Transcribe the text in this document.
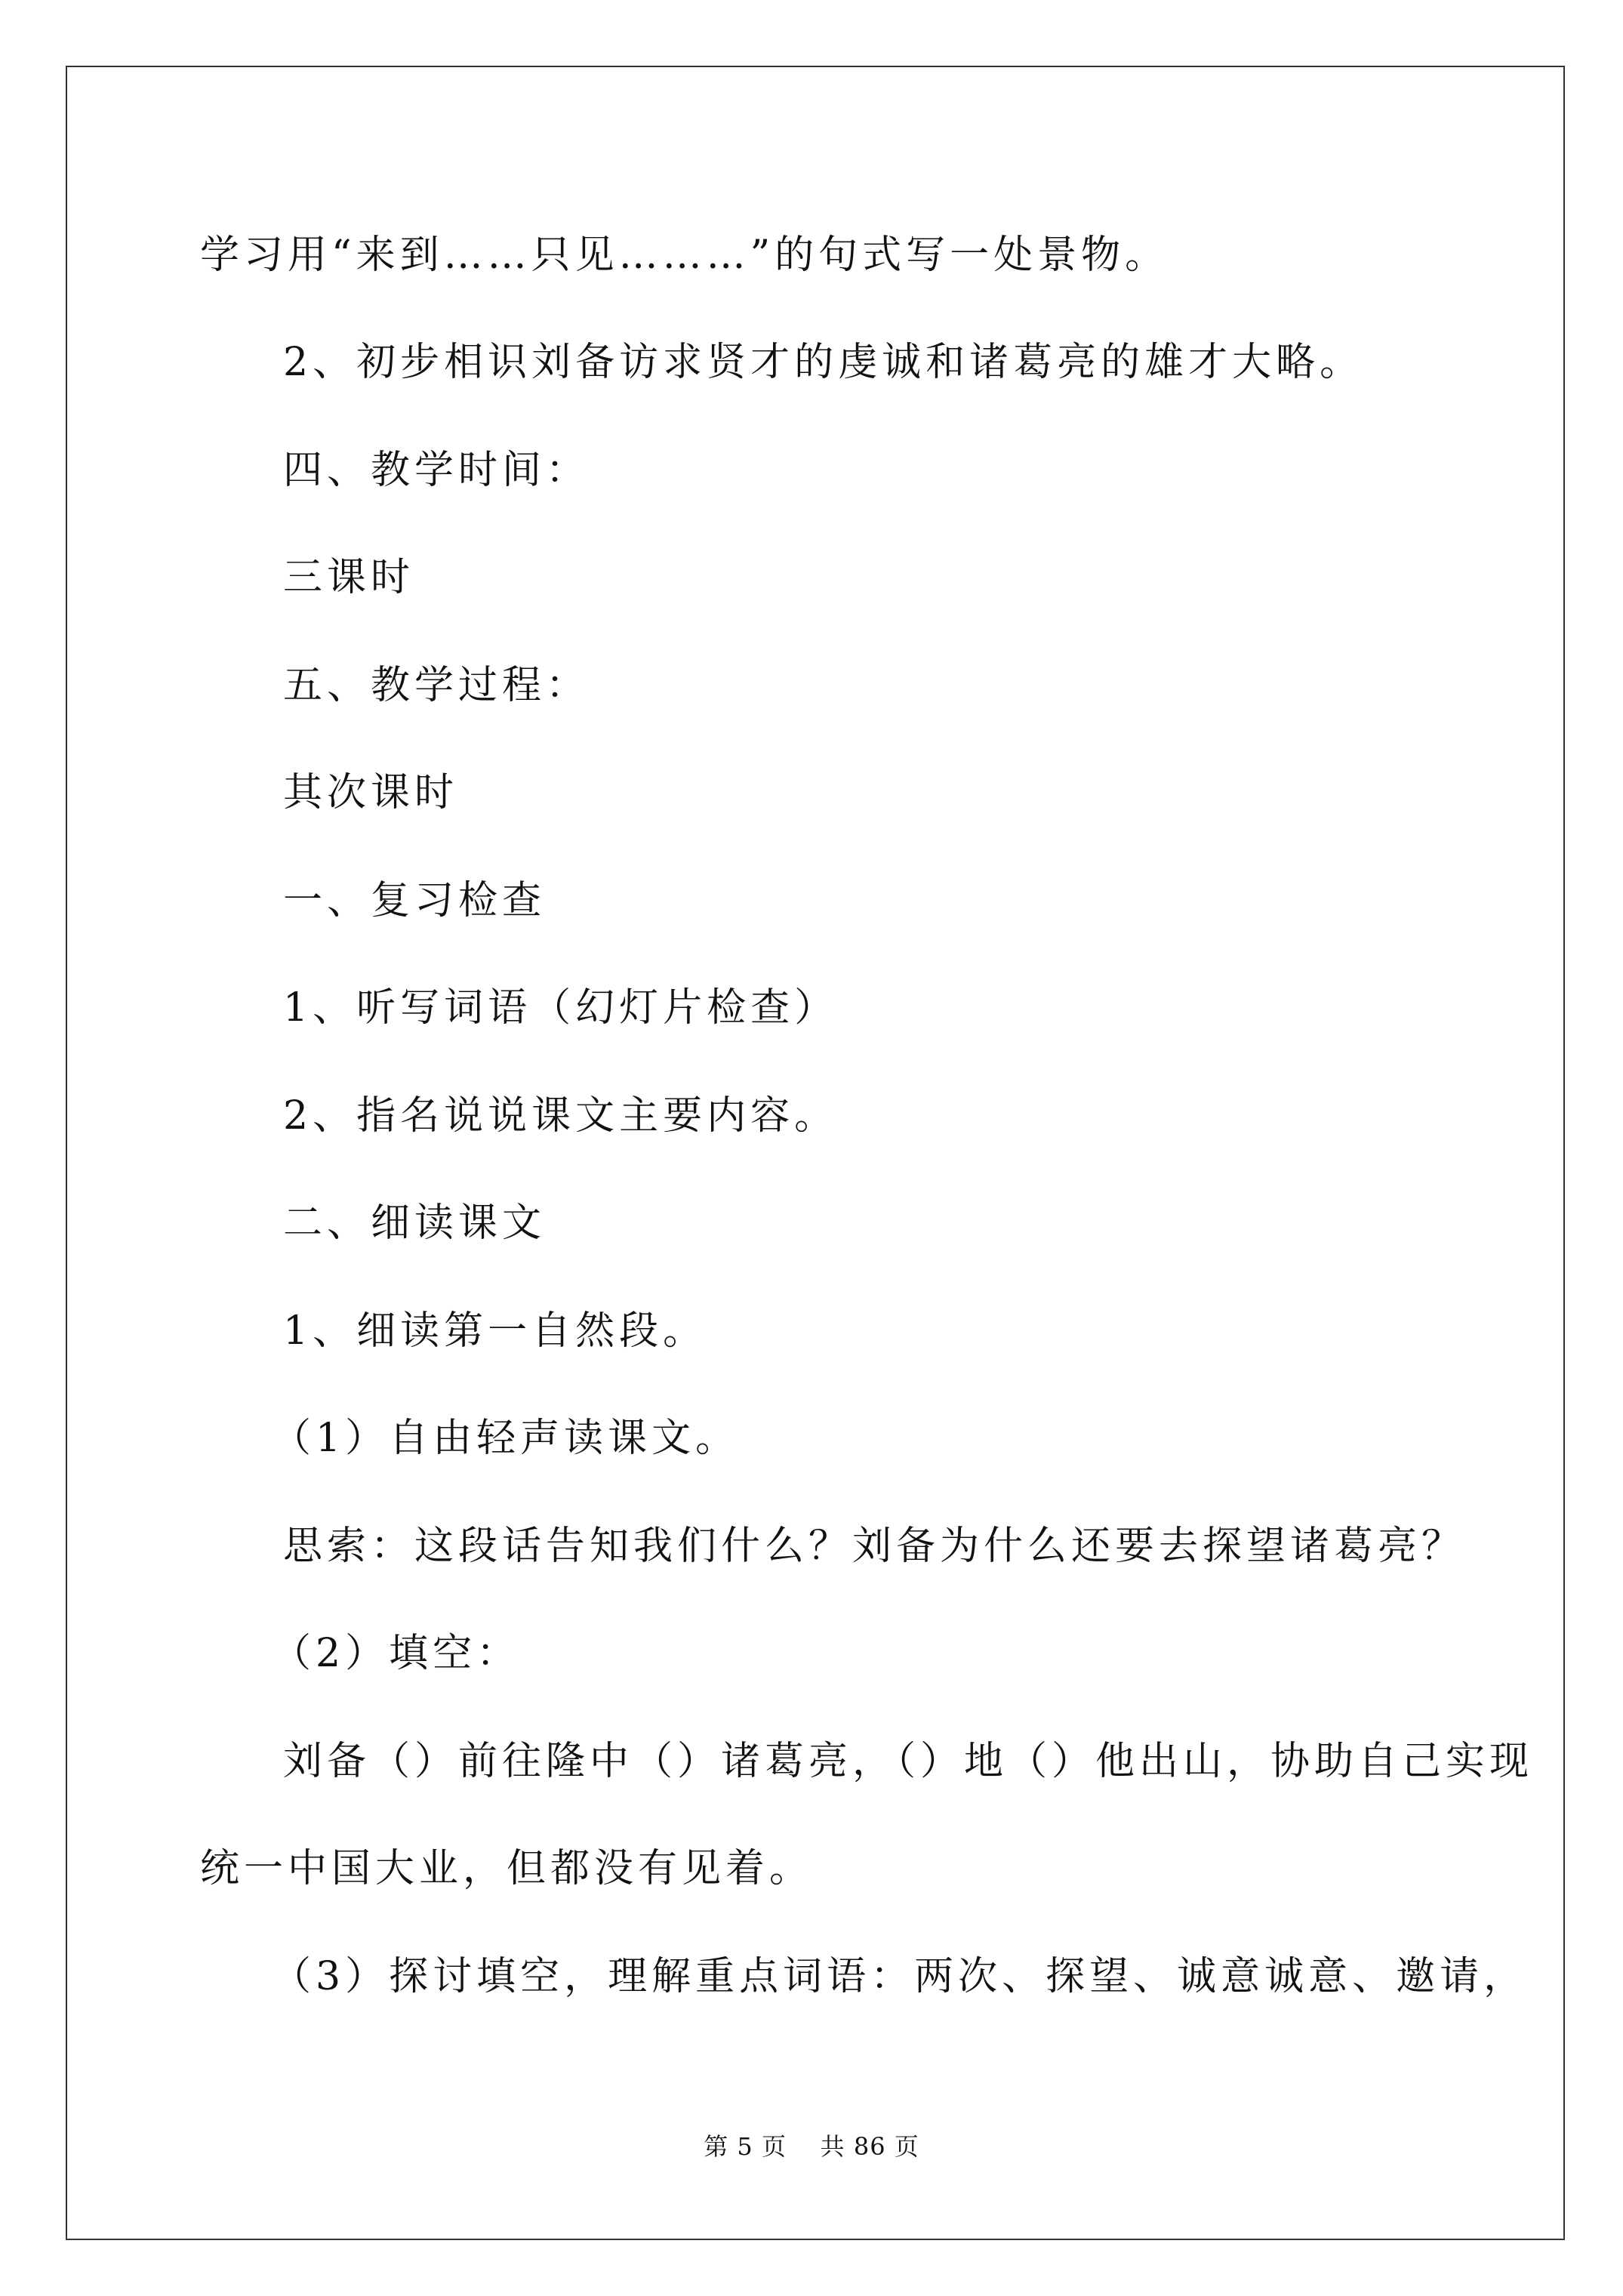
学习用“来到……只见………”的句式写一处景物。

2、初步相识刘备访求贤才的虔诚和诸葛亮的雄才大略。

四、教学时间：

三课时

五、教学过程：

其次课时

一、复习检查

1、听写词语（幻灯片检查）

2、指名说说课文主要内容。

二、细读课文

1、细读第一自然段。

（1）自由轻声读课文。

思索：这段话告知我们什么？刘备为什么还要去探望诸葛亮？

（2）填空：

刘备（）前往隆中（）诸葛亮，（）地（）他出山，协助自己实现

统一中国大业，但都没有见着。

（3）探讨填空，理解重点词语：两次、探望、诚意诚意、邀请，

第 5 页 共 86 页
